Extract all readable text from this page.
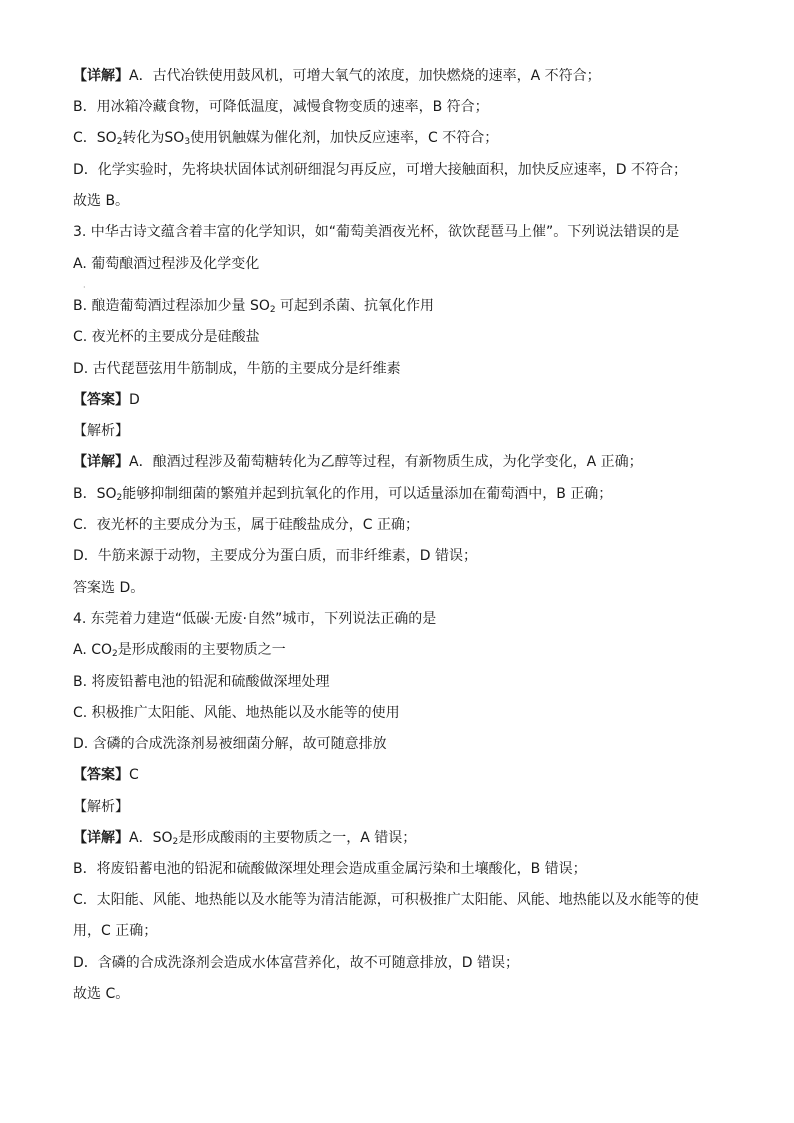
【详解】A．古代冶铁使用鼓风机，可增大氧气的浓度，加快燃烧的速率，A 不符合；
B．用冰箱冷藏食物，可降低温度，减慢食物变质的速率，B 符合；
C．$SO_2$转化为$SO_3$使用钒触媒为催化剂，加快反应速率，C 不符合；
D．化学实验时，先将块状固体试剂研细混匀再反应，可增大接触面积，加快反应速率，D 不符合；
故选 B。
3. 中华古诗文蕴含着丰富的化学知识，如“葡萄美酒夜光杯，欲饮琵琶马上催”。下列说法错误的是
A. 葡萄酿酒过程涉及化学变化
·
B. 酿造葡萄酒过程添加少量 $SO_2$ 可起到杀菌、抗氧化作用
C. 夜光杯的主要成分是硅酸盐
D. 古代琵琶弦用牛筋制成，牛筋的主要成分是纤维素
【答案】D
【解析】
【详解】A．酿酒过程涉及葡萄糖转化为乙醇等过程，有新物质生成，为化学变化，A 正确；
B．$SO_2$能够抑制细菌的繁殖并起到抗氧化的作用，可以适量添加在葡萄酒中，B 正确；
C．夜光杯的主要成分为玉，属于硅酸盐成分，C 正确；
D．牛筋来源于动物，主要成分为蛋白质，而非纤维素，D 错误；
答案选 D。
4. 东莞着力建造“低碳·无废·自然”城市，下列说法正确的是
A. $CO_2$是形成酸雨的主要物质之一
B. 将废铅蓄电池的铅泥和硫酸做深埋处理
C. 积极推广太阳能、风能、地热能以及水能等的使用
D. 含磷的合成洗涤剂易被细菌分解，故可随意排放
【答案】C
【解析】
【详解】A．$SO_2$是形成酸雨的主要物质之一，A 错误；
B．将废铅蓄电池的铅泥和硫酸做深埋处理会造成重金属污染和土壤酸化，B 错误；
C．太阳能、风能、地热能以及水能等为清洁能源，可积极推广太阳能、风能、地热能以及水能等的使
用，C 正确；
D．含磷的合成洗涤剂会造成水体富营养化，故不可随意排放，D 错误；
故选 C。
